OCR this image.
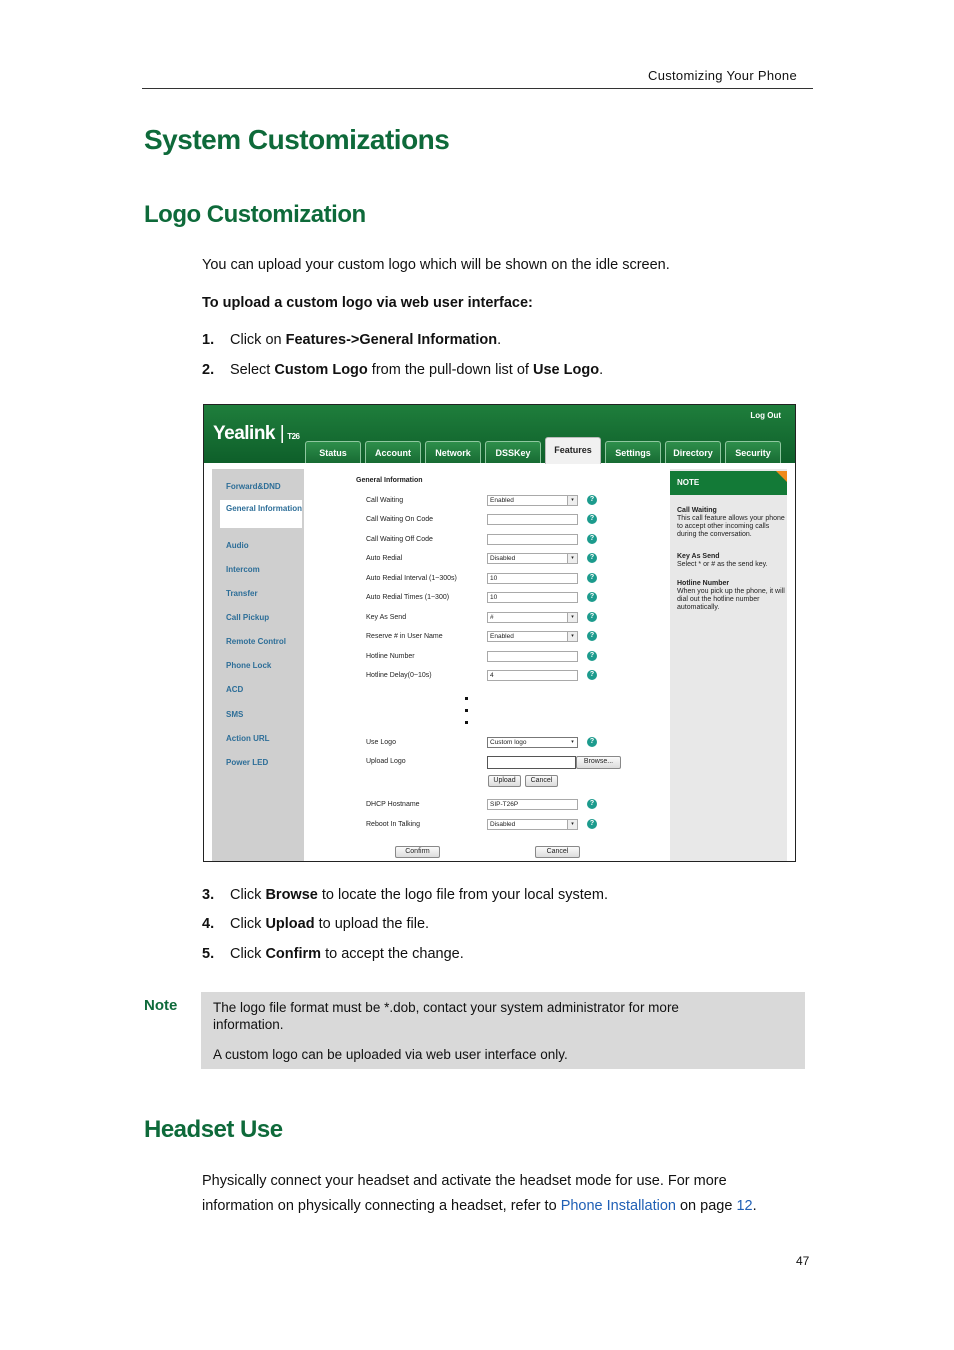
Customizing Your Phone
System Customizations
Logo Customization
You can upload your custom logo which will be shown on the idle screen.
To upload a custom logo via web user interface:
1. Click on Features->General Information.
2. Select Custom Logo from the pull-down list of Use Logo.
Yealink | T26
Log Out
Status	Account	Network	DSSKey	Features	Settings	Directory	Security
Forward&DND
General Information
Audio
Intercom
Transfer
Call Pickup
Remote Control
Phone Lock
ACD
SMS
Action URL
Power LED
General Information
Call Waiting	Enabled	▾	?
Call Waiting On Code	?
Call Waiting Off Code	?
Auto Redial	Disabled	▾	?
Auto Redial Interval (1~300s)	10	?
Auto Redial Times (1~300)	10	?
Key As Send	#	▾	?
Reserve # in User Name	Enabled	▾	?
Hotline Number	?
Hotline Delay(0~10s)	4	?
Use Logo	Custom logo	▾	?
Upload Logo	Browse...
Upload	Cancel
DHCP Hostname	SIP-T26P	?
Reboot In Talking	Disabled	▾	?
Confirm	Cancel
NOTE
Call Waiting
This call feature allows your phone to accept other incoming calls during the conversation.
Key As Send
Select * or # as the send key.
Hotline Number
When you pick up the phone, it will dial out the hotline number automatically.
3. Click Browse to locate the logo file from your local system.
4. Click Upload to upload the file.
5. Click Confirm to accept the change.
Note	The logo file format must be *.dob, contact your system administrator for more
information.
A custom logo can be uploaded via web user interface only.
Headset Use
Physically connect your headset and activate the headset mode for use. For more
information on physically connecting a headset, refer to Phone Installation on page 12.
47
